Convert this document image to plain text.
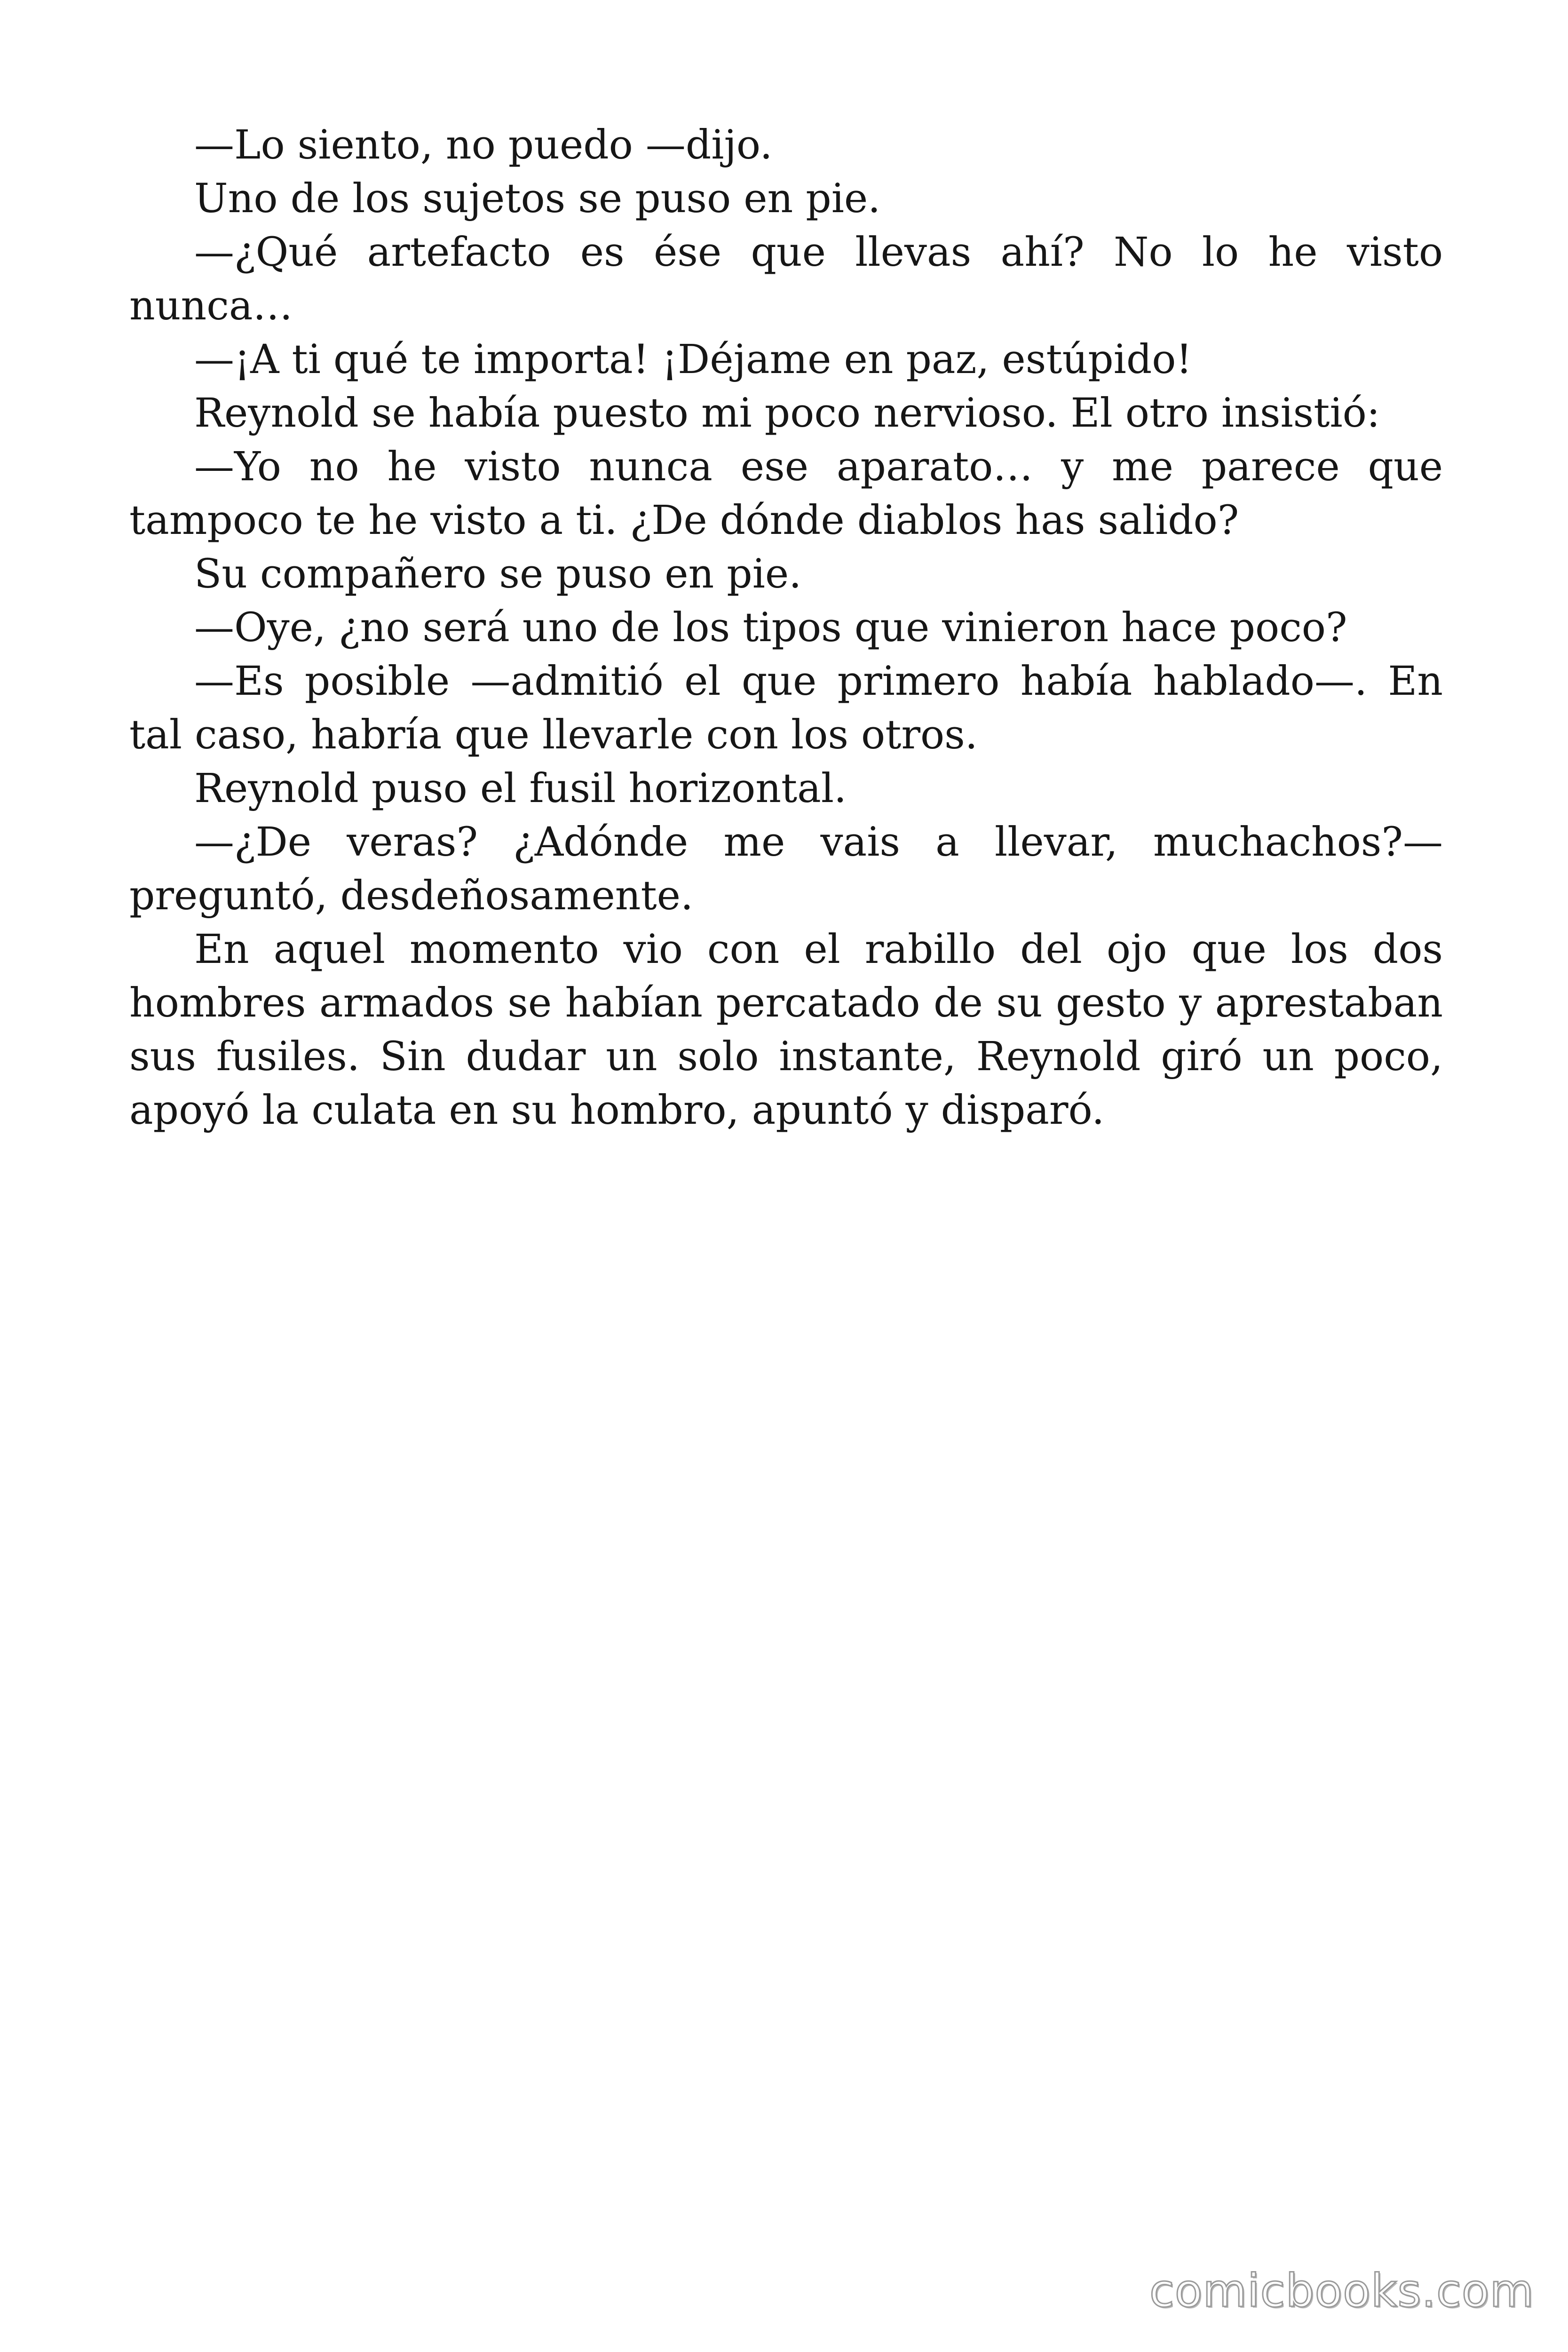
—Lo siento, no puedo —dijo.

Uno de los sujetos se puso en pie.

—¿Qué artefacto es ése que llevas ahí? No lo he visto nunca…

—¡A ti qué te importa! ¡Déjame en paz, estúpido!

Reynold se había puesto mi poco nervioso. El otro insistió:

—Yo no he visto nunca ese aparato… y me parece que tampoco te he visto a ti. ¿De dónde diablos has salido?

Su compañero se puso en pie.

—Oye, ¿no será uno de los tipos que vinieron hace poco?

—Es posible —admitió el que primero había hablado—. En tal caso, habría que llevarle con los otros.

Reynold puso el fusil horizontal.

—¿De veras? ¿Adónde me vais a llevar, muchachos?— preguntó, desdeñosamente.

En aquel momento vio con el rabillo del ojo que los dos hombres armados se habían percatado de su gesto y aprestaban sus fusiles. Sin dudar un solo instante, Reynold giró un poco, apoyó la culata en su hombro, apuntó y disparó.

comicbooks.com
